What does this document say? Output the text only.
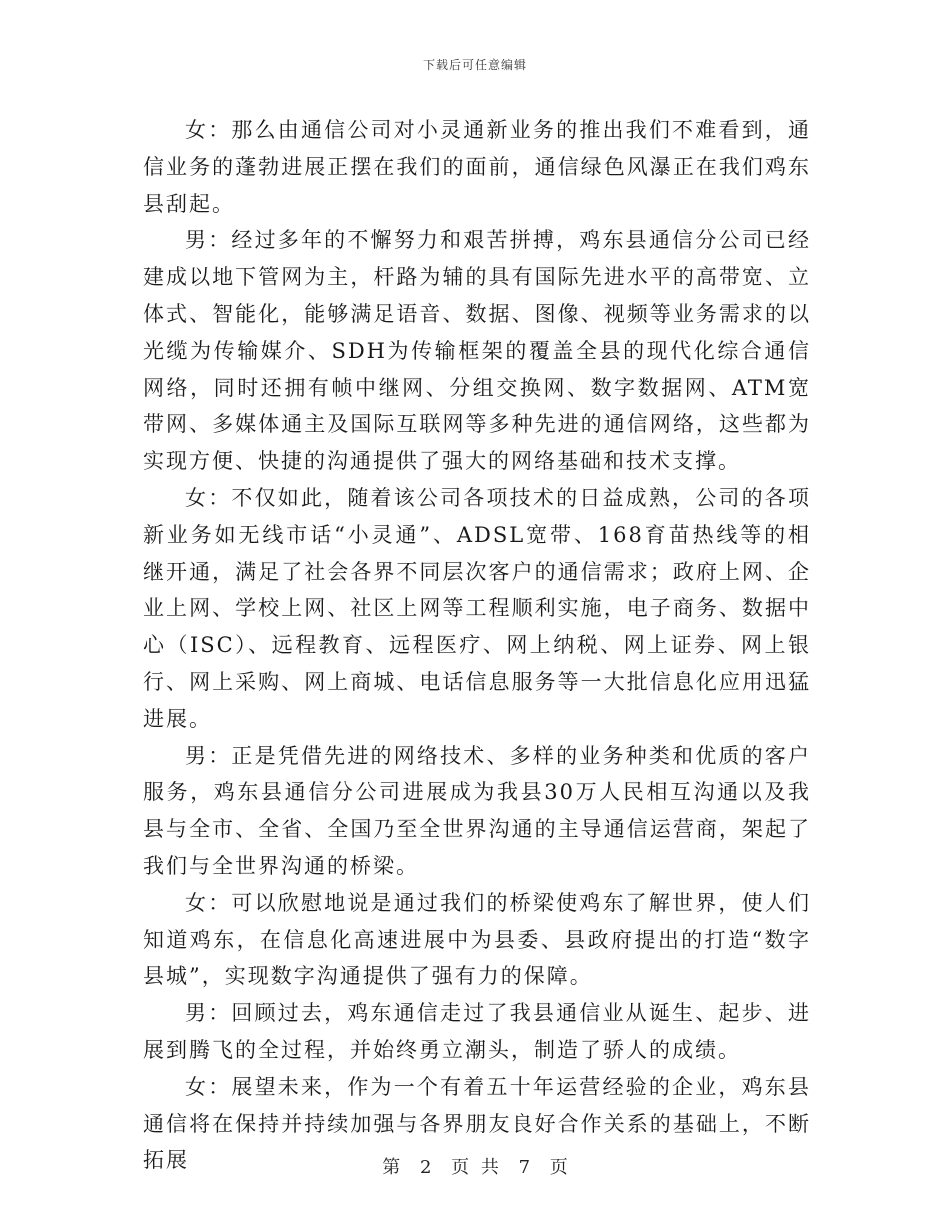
下载后可任意编辑

女：那么由通信公司对小灵通新业务的推出我们不难看到，通信业务的蓬勃进展正摆在我们的面前，通信绿色风瀑正在我们鸡东县刮起。

男：经过多年的不懈努力和艰苦拼搏，鸡东县通信分公司已经建成以地下管网为主，杆路为辅的具有国际先进水平的高带宽、立体式、智能化，能够满足语音、数据、图像、视频等业务需求的以光缆为传输媒介、SDH为传输框架的覆盖全县的现代化综合通信网络，同时还拥有帧中继网、分组交换网、数字数据网、ATM宽带网、多媒体通主及国际互联网等多种先进的通信网络，这些都为实现方便、快捷的沟通提供了强大的网络基础和技术支撑。

女：不仅如此，随着该公司各项技术的日益成熟，公司的各项新业务如无线市话“小灵通”、ADSL宽带、168育苗热线等的相继开通，满足了社会各界不同层次客户的通信需求；政府上网、企业上网、学校上网、社区上网等工程顺利实施，电子商务、数据中心（ISC）、远程教育、远程医疗、网上纳税、网上证券、网上银行、网上采购、网上商城、电话信息服务等一大批信息化应用迅猛进展。

男：正是凭借先进的网络技术、多样的业务种类和优质的客户服务，鸡东县通信分公司进展成为我县30万人民相互沟通以及我县与全市、全省、全国乃至全世界沟通的主导通信运营商，架起了我们与全世界沟通的桥梁。

女：可以欣慰地说是通过我们的桥梁使鸡东了解世界，使人们知道鸡东，在信息化高速进展中为县委、县政府提出的打造“数字县城”，实现数字沟通提供了强有力的保障。

男：回顾过去，鸡东通信走过了我县通信业从诞生、起步、进展到腾飞的全过程，并始终勇立潮头，制造了骄人的成绩。

女：展望未来，作为一个有着五十年运营经验的企业，鸡东县通信将在保持并持续加强与各界朋友良好合作关系的基础上，不断拓展	第 2 页 共 7 页
